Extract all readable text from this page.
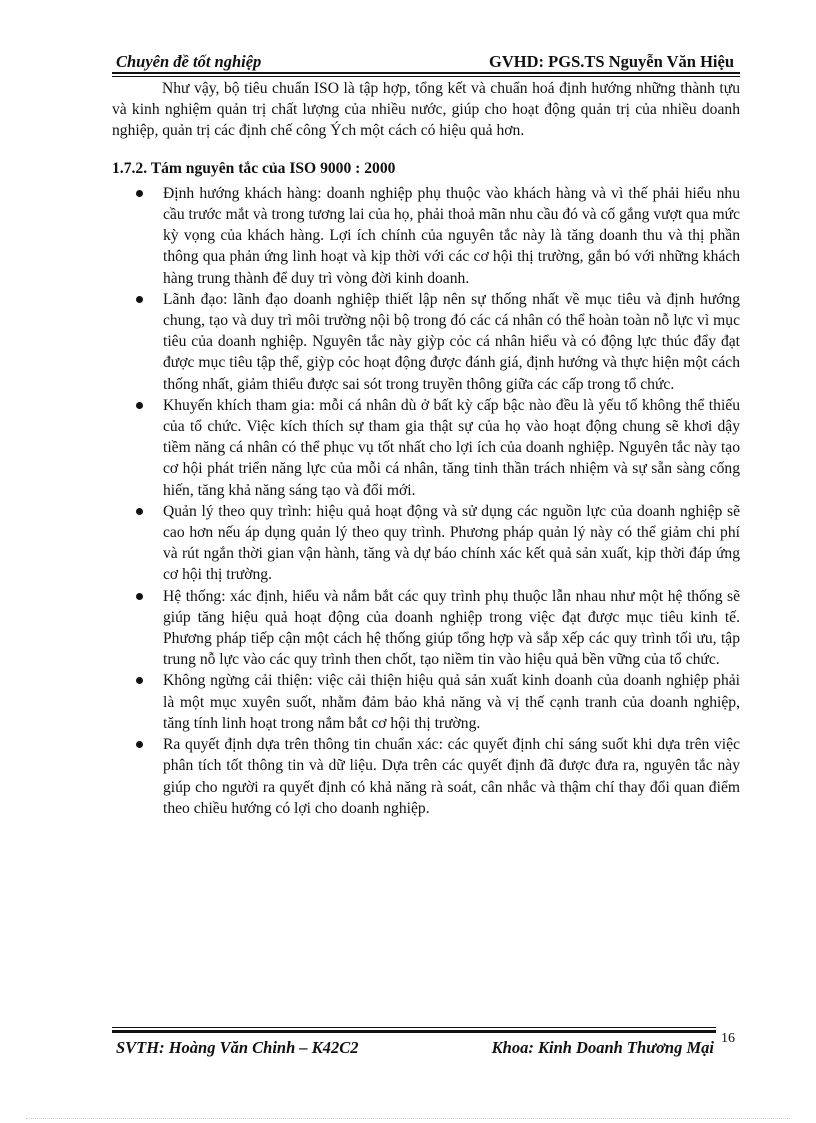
Chuyên đề tốt nghiệp	GVHD: PGS.TS Nguyễn Văn Hiệu

Như vậy, bộ tiêu chuẩn ISO là tập hợp, tổng kết và chuẩn hoá định hướng những thành tựu và kinh nghiệm quản trị chất lượng của nhiều nước, giúp cho hoạt động quản trị của nhiều doanh nghiệp, quản trị các định chế công Ých một cách có hiệu quả hơn.

1.7.2. Tám nguyên tắc của ISO 9000 : 2000
Định hướng khách hàng: doanh nghiệp phụ thuộc vào khách hàng và vì thế phải hiểu nhu cầu trước mắt và trong tương lai của họ, phải thoả mãn nhu cầu đó và cố gắng vượt qua mức kỳ vọng của khách hàng. Lợi ích chính của nguyên tắc này là tăng doanh thu và thị phần thông qua phản ứng linh hoạt và kịp thời với các cơ hội thị trường, gắn bó với những khách hàng trung thành để duy trì vòng đời kinh doanh.
Lãnh đạo: lãnh đạo doanh nghiệp thiết lập nên sự thống nhất về mục tiêu và định hướng chung, tạo và duy trì môi trường nội bộ trong đó các cá nhân có thể hoàn toàn nỗ lực vì mục tiêu của doanh nghiệp. Nguyên tắc này giỳp cỏc cá nhân hiểu và có động lực thúc đẩy đạt được mục tiêu tập thể, giỳp cỏc hoạt động được đánh giá, định hướng và thực hiện một cách thống nhất, giảm thiểu được sai sót trong truyền thông giữa các cấp trong tổ chức.
Khuyến khích tham gia: mỗi cá nhân dù ở bất kỳ cấp bậc nào đều là yếu tố không thể thiếu của tổ chức. Việc kích thích sự tham gia thật sự của họ vào hoạt động chung sẽ khơi dậy tiềm năng cá nhân có thể phục vụ tốt nhất cho lợi ích của doanh nghiệp. Nguyên tắc này tạo cơ hội phát triển năng lực của mỗi cá nhân, tăng tinh thần trách nhiệm và sự sẵn sàng cống hiến, tăng khả năng sáng tạo và đổi mới.
Quản lý theo quy trình: hiệu quả hoạt động và sử dụng các nguồn lực của doanh nghiệp sẽ cao hơn nếu áp dụng quản lý theo quy trình. Phương pháp quản lý này có thể giảm chi phí và rút ngắn thời gian vận hành, tăng và dự báo chính xác kết quả sản xuất, kịp thời đáp ứng cơ hội thị trường.
Hệ thống: xác định, hiểu và nắm bắt các quy trình phụ thuộc lẫn nhau như một hệ thống sẽ giúp tăng hiệu quả hoạt động của doanh nghiệp trong việc đạt được mục tiêu kinh tế. Phương pháp tiếp cận một cách hệ thống giúp tổng hợp và sắp xếp các quy trình tối ưu, tập trung nỗ lực vào các quy trình then chốt, tạo niềm tin vào hiệu quả bền vững của tổ chức.
Không ngừng cải thiện: việc cải thiện hiệu quả sản xuất kinh doanh của doanh nghiệp phải là một mục xuyên suốt, nhằm đảm bảo khả năng và vị thế cạnh tranh của doanh nghiệp, tăng tính linh hoạt trong nắm bắt cơ hội thị trường.
Ra quyết định dựa trên thông tin chuẩn xác: các quyết định chỉ sáng suốt khi dựa trên việc phân tích tốt thông tin và dữ liệu. Dựa trên các quyết định đã được đưa ra, nguyên tắc này giúp cho người ra quyết định có khả năng rà soát, cân nhắc và thậm chí thay đổi quan điểm theo chiều hướng có lợi cho doanh nghiệp.
SVTH: Hoàng Văn Chinh – K42C2	Khoa: Kinh Doanh Thương Mại 16
